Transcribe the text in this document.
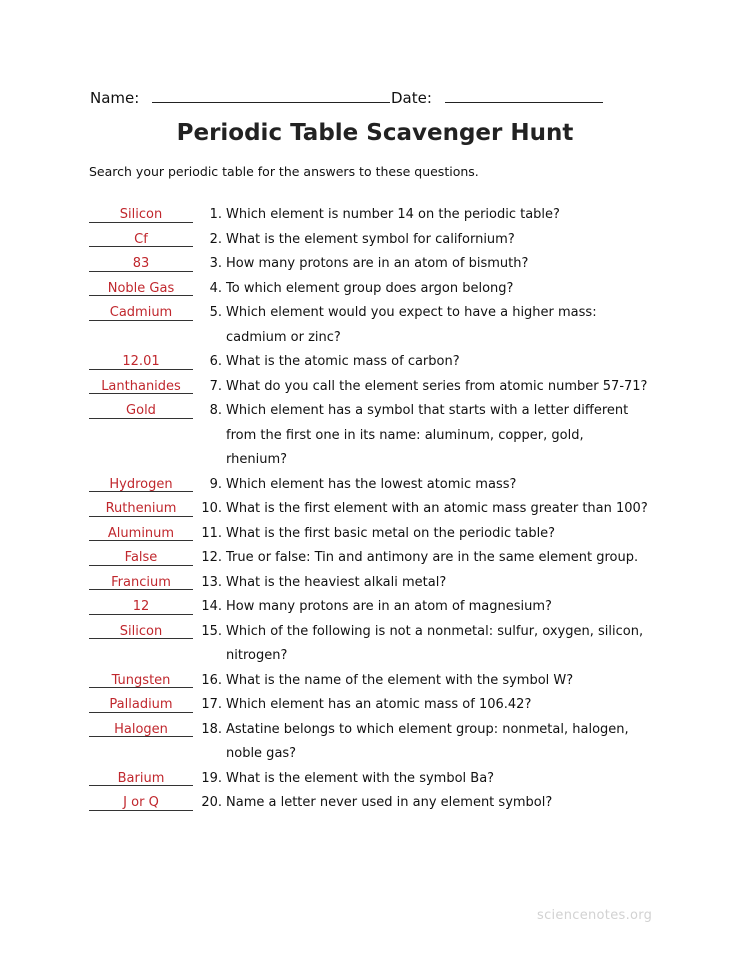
Name:	Date:
Periodic Table Scavenger Hunt

Search your periodic table for the answers to these questions.

Silicon	1. Which element is number 14 on the periodic table?
Cf	2. What is the element symbol for californium?
83	3. How many protons are in an atom of bismuth?
Noble Gas	4. To which element group does argon belong?
Cadmium	5. Which element would you expect to have a higher mass:
cadmium or zinc?
12.01	6. What is the atomic mass of carbon?
Lanthanides	7. What do you call the element series from atomic number 57-71?
Gold	8. Which element has a symbol that starts with a letter different
from the first one in its name: aluminum, copper, gold,
rhenium?
Hydrogen	9. Which element has the lowest atomic mass?
Ruthenium	10. What is the first element with an atomic mass greater than 100?
Aluminum	11. What is the first basic metal on the periodic table?
False	12. True or false: Tin and antimony are in the same element group.
Francium	13. What is the heaviest alkali metal?
12	14. How many protons are in an atom of magnesium?
Silicon	15. Which of the following is not a nonmetal: sulfur, oxygen, silicon,
nitrogen?
Tungsten	16. What is the name of the element with the symbol W?
Palladium	17. Which element has an atomic mass of 106.42?
Halogen	18. Astatine belongs to which element group: nonmetal, halogen,
noble gas?
Barium	19. What is the element with the symbol Ba?
J or Q	20. Name a letter never used in any element symbol?
sciencenotes.org
